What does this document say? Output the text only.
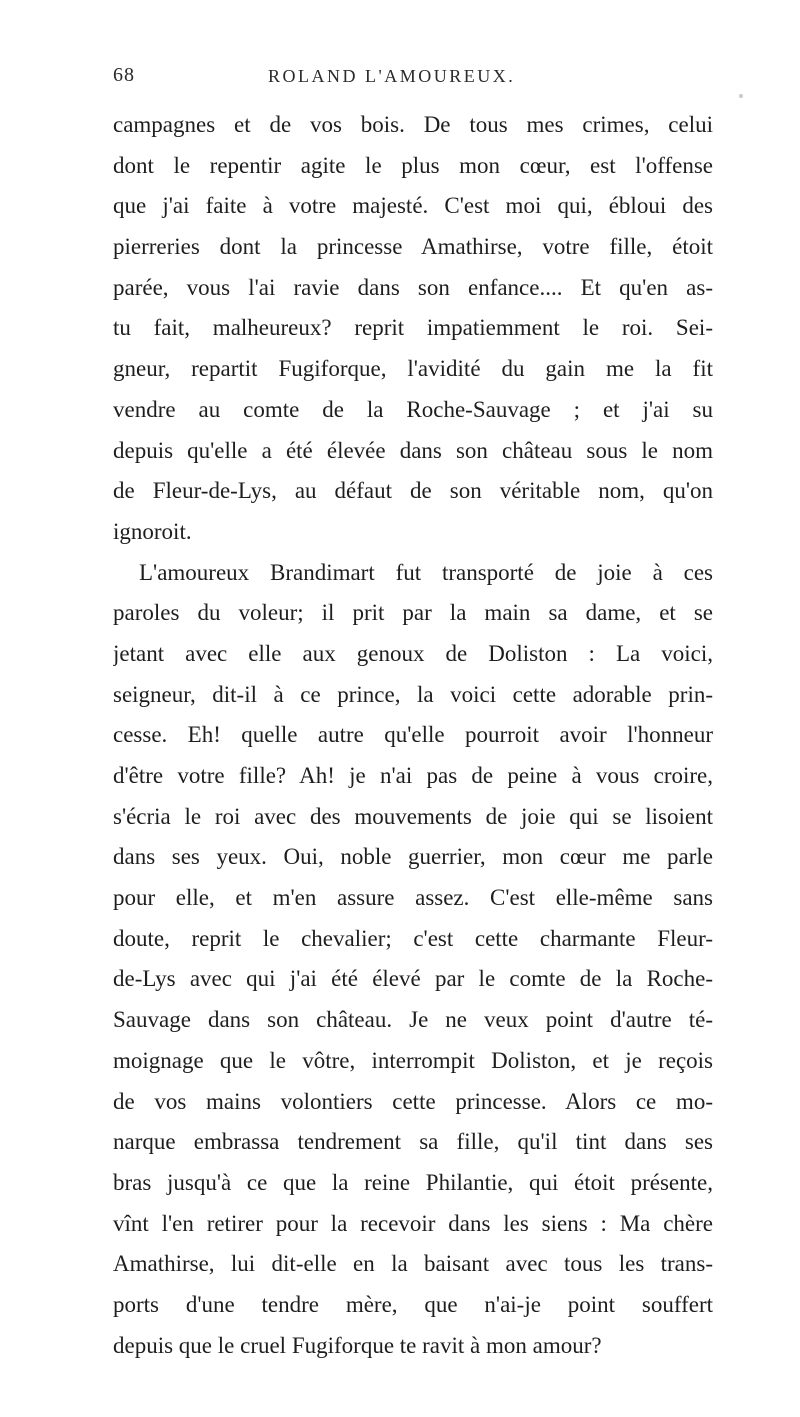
68	ROLAND L'AMOUREUX.
campagnes et de vos bois. De tous mes crimes, celui
dont le repentir agite le plus mon cœur, est l'offense
que j'ai faite à votre majesté. C'est moi qui, ébloui des
pierreries dont la princesse Amathirse, votre fille, étoit
parée, vous l'ai ravie dans son enfance.... Et qu'en as-
tu fait, malheureux? reprit impatiemment le roi. Sei-
gneur, repartit Fugiforque, l'avidité du gain me la fit
vendre au comte de la Roche-Sauvage ; et j'ai su
depuis qu'elle a été élevée dans son château sous le nom
de Fleur-de-Lys, au défaut de son véritable nom, qu'on
ignoroit.
L'amoureux Brandimart fut transporté de joie à ces
paroles du voleur; il prit par la main sa dame, et se
jetant avec elle aux genoux de Doliston : La voici,
seigneur, dit-il à ce prince, la voici cette adorable prin-
cesse. Eh! quelle autre qu'elle pourroit avoir l'honneur
d'être votre fille? Ah! je n'ai pas de peine à vous croire,
s'écria le roi avec des mouvements de joie qui se lisoient
dans ses yeux. Oui, noble guerrier, mon cœur me parle
pour elle, et m'en assure assez. C'est elle-même sans
doute, reprit le chevalier; c'est cette charmante Fleur-
de-Lys avec qui j'ai été élevé par le comte de la Roche-
Sauvage dans son château. Je ne veux point d'autre té-
moignage que le vôtre, interrompit Doliston, et je reçois
de vos mains volontiers cette princesse. Alors ce mo-
narque embrassa tendrement sa fille, qu'il tint dans ses
bras jusqu'à ce que la reine Philantie, qui étoit présente,
vînt l'en retirer pour la recevoir dans les siens : Ma chère
Amathirse, lui dit-elle en la baisant avec tous les trans-
ports d'une tendre mère, que n'ai-je point souffert
depuis que le cruel Fugiforque te ravit à mon amour?
